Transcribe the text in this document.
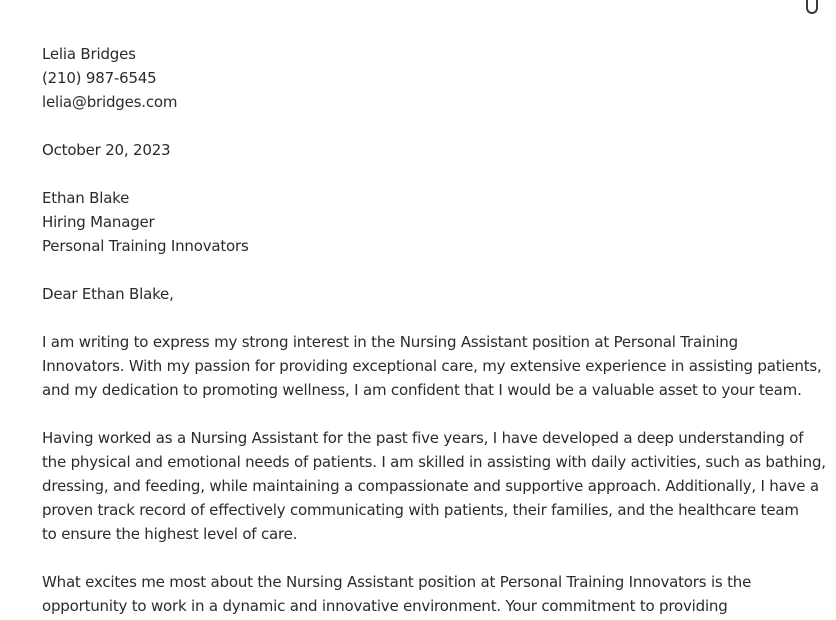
Lelia Bridges
(210) 987-6545
lelia@bridges.com
October 20, 2023
Ethan Blake
Hiring Manager
Personal Training Innovators
Dear Ethan Blake,
I am writing to express my strong interest in the Nursing Assistant position at Personal Training
Innovators. With my passion for providing exceptional care, my extensive experience in assisting patients,
and my dedication to promoting wellness, I am confident that I would be a valuable asset to your team.
Having worked as a Nursing Assistant for the past five years, I have developed a deep understanding of
the physical and emotional needs of patients. I am skilled in assisting with daily activities, such as bathing,
dressing, and feeding, while maintaining a compassionate and supportive approach. Additionally, I have a
proven track record of effectively communicating with patients, their families, and the healthcare team
to ensure the highest level of care.
What excites me most about the Nursing Assistant position at Personal Training Innovators is the
opportunity to work in a dynamic and innovative environment. Your commitment to providing
